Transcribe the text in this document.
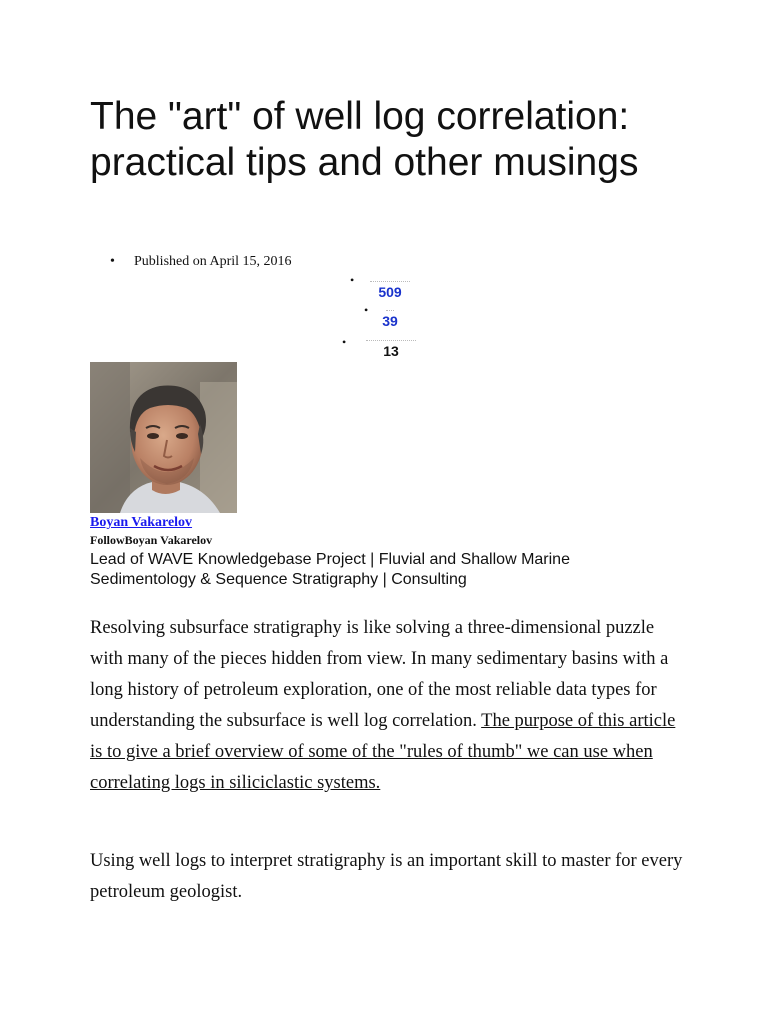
The "art" of well log correlation: practical tips and other musings
• Published on April 15, 2016
•
•
•
509
39
13
Boyan Vakarelov
FollowBoyan Vakarelov
Lead of WAVE Knowledgebase Project | Fluvial and Shallow Marine Sedimentology & Sequence Stratigraphy | Consulting

Resolving subsurface stratigraphy is like solving a three-dimensional puzzle with many of the pieces hidden from view. In many sedimentary basins with a long history of petroleum exploration, one of the most reliable data types for understanding the subsurface is well log correlation. The purpose of this article is to give a brief overview of some of the "rules of thumb" we can use when correlating logs in siliciclastic systems.

Using well logs to interpret stratigraphy is an important skill to master for every petroleum geologist.
